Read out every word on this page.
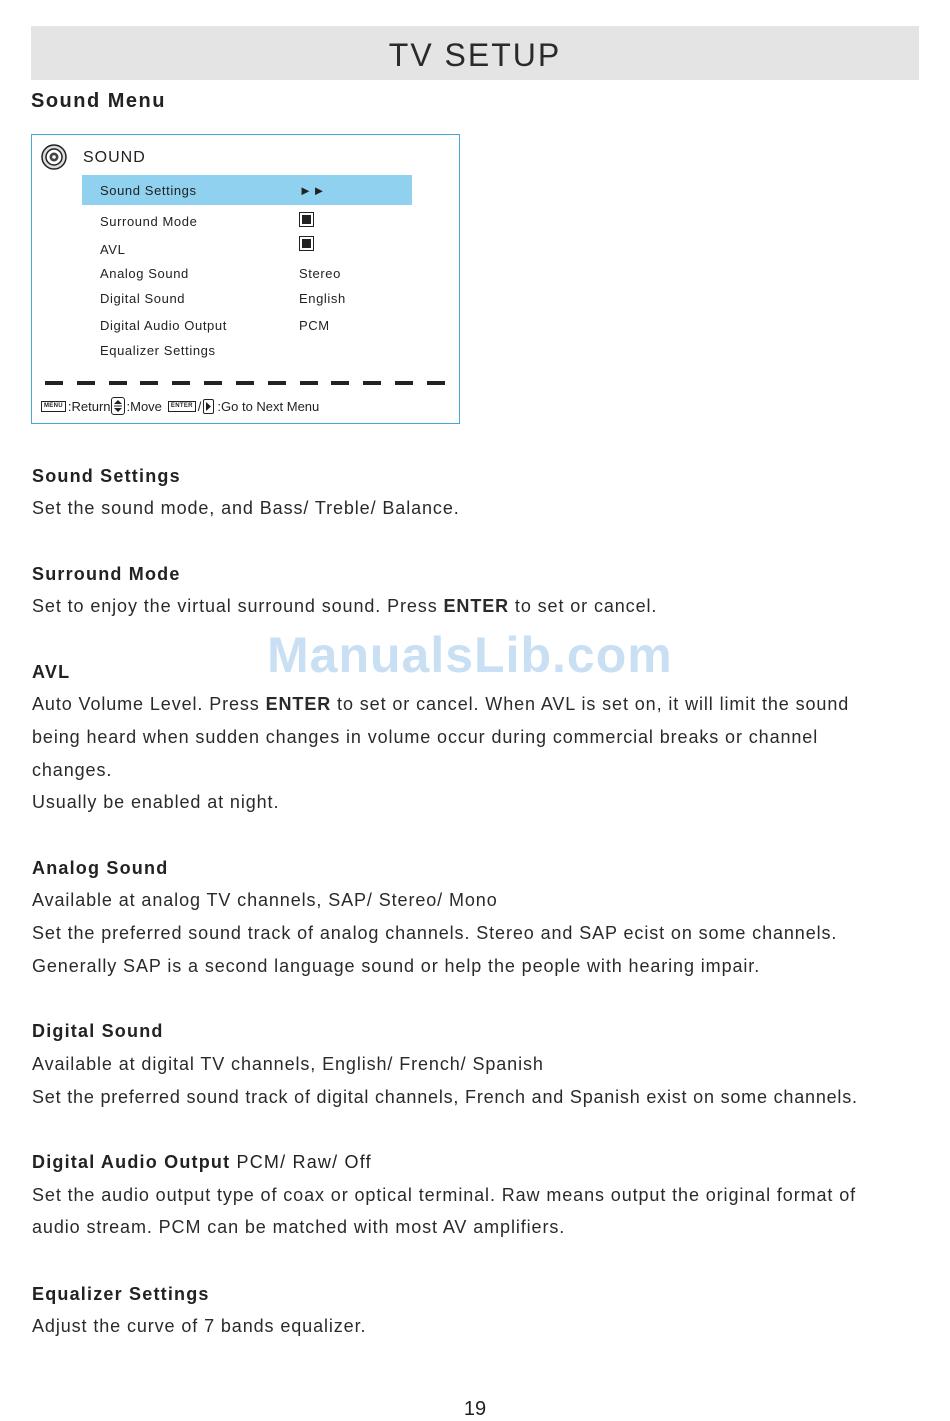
TV SETUP
Sound Menu
SOUND
Sound Settings	►►
Surround Mode
AVL
Analog Sound	Stereo
Digital Sound	English
Digital Audio Output	PCM
Equalizer Settings
MENU :Return :Move	ENTER / :Go to Next Menu
Sound Settings
Set the sound mode, and Bass/ Treble/ Balance.
Surround Mode
Set to enjoy the virtual surround sound. Press ENTER to set or cancel.
ManualsLib.com
AVL
Auto Volume Level. Press ENTER to set or cancel. When AVL is set on, it will limit the sound
being heard when sudden changes in volume occur during commercial breaks or channel
changes.
Usually be enabled at night.
Analog Sound
Available at analog TV channels, SAP/ Stereo/ Mono
Set the preferred sound track of analog channels. Stereo and SAP ecist on some channels.
Generally SAP is a second language sound or help the people with hearing impair.
Digital Sound
Available at digital TV channels, English/ French/ Spanish
Set the preferred sound track of digital channels, French and Spanish exist on some channels.
Digital Audio Output PCM/ Raw/ Off
Set the audio output type of coax or optical terminal. Raw means output the original format of
audio stream. PCM can be matched with most AV amplifiers.
Equalizer Settings
Adjust the curve of 7 bands equalizer.
19
